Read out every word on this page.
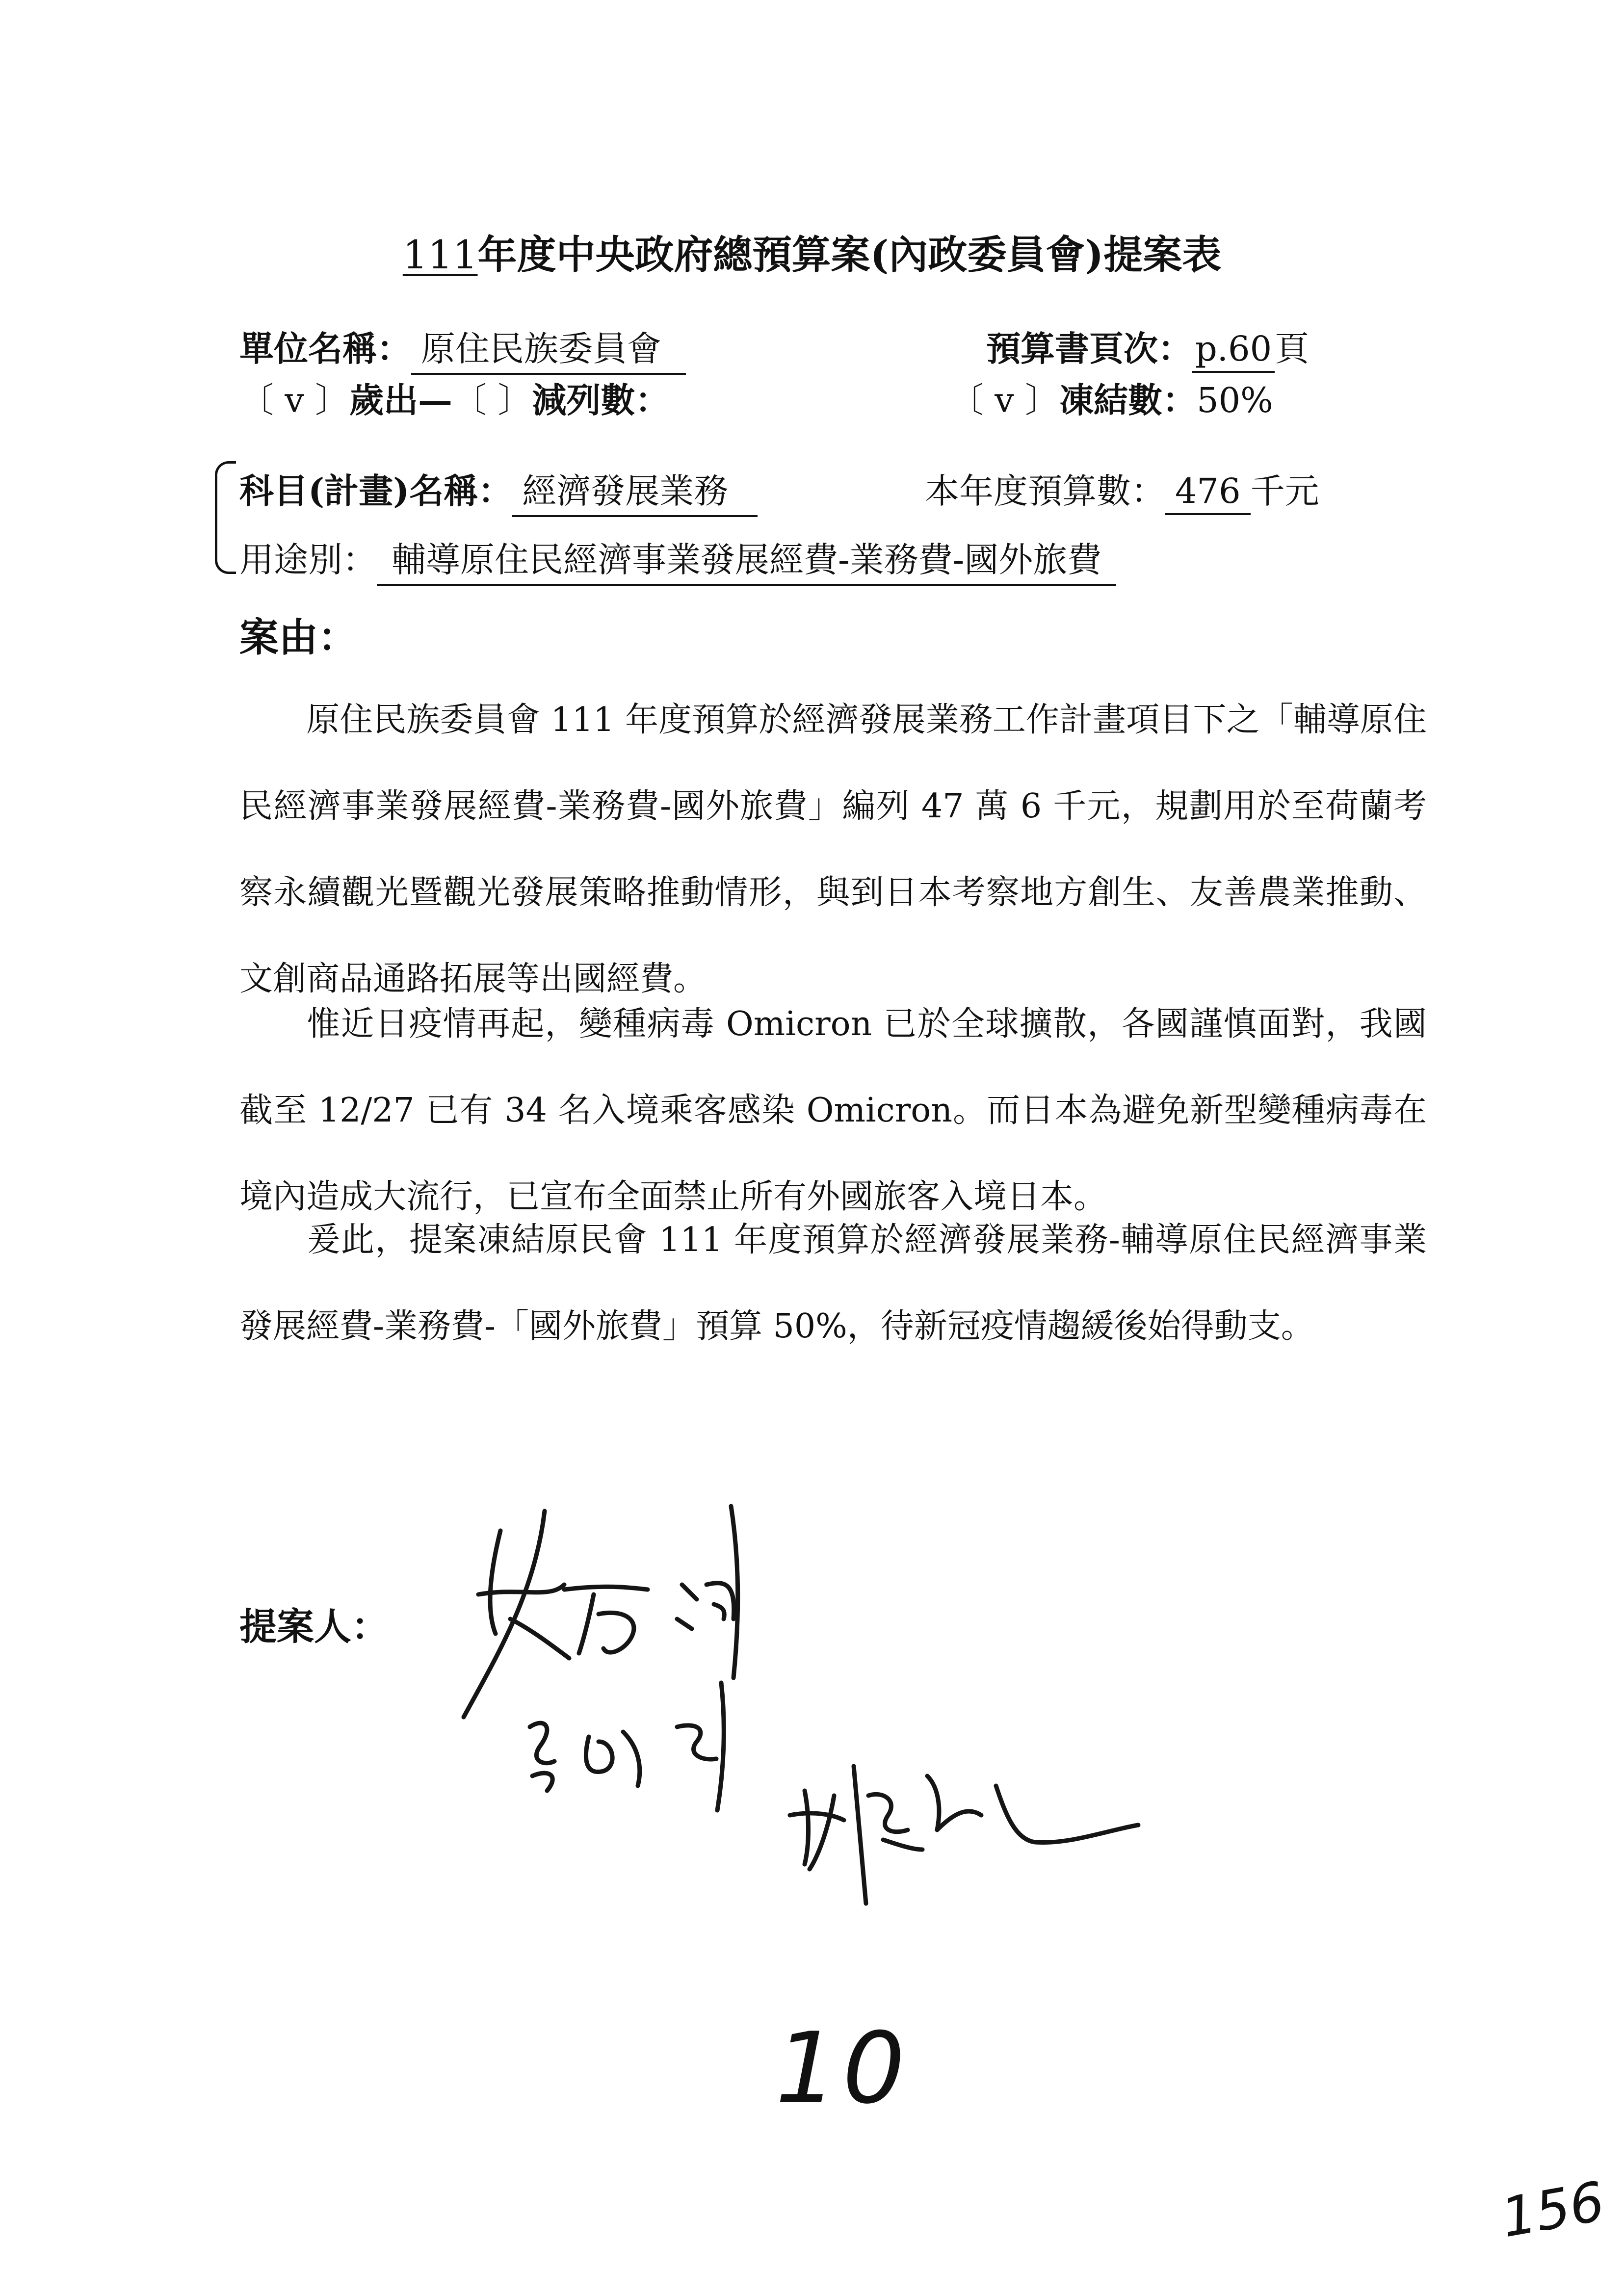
111年度中央政府總預算案(內政委員會)提案表
單位名稱： 原住民族委員會	預算書頁次：p.60頁
〔 v 〕歲出—〔 〕減列數：	〔 v 〕凍結數：50%
科目(計畫)名稱： 經濟發展業務	本年度預算數： 476 千元
用途別： 輔導原住民經濟事業發展經費-業務費-國外旅費
案由：
原住民族委員會 111 年度預算於經濟發展業務工作計畫項目下之「輔導原住民經濟事業發展經費-業務費-國外旅費」編列 47 萬 6 千元，規劃用於至荷蘭考察永續觀光暨觀光發展策略推動情形，與到日本考察地方創生、友善農業推動、文創商品通路拓展等出國經費。
惟近日疫情再起，變種病毒 Omicron 已於全球擴散，各國謹慎面對，我國截至 12/27 已有 34 名入境乘客感染 Omicron。而日本為避免新型變種病毒在境內造成大流行，已宣布全面禁止所有外國旅客入境日本。
爰此，提案凍結原民會 111 年度預算於經濟發展業務-輔導原住民經濟事業發展經費-業務費-「國外旅費」預算 50%，待新冠疫情趨緩後始得動支。
提案人：
10
156
